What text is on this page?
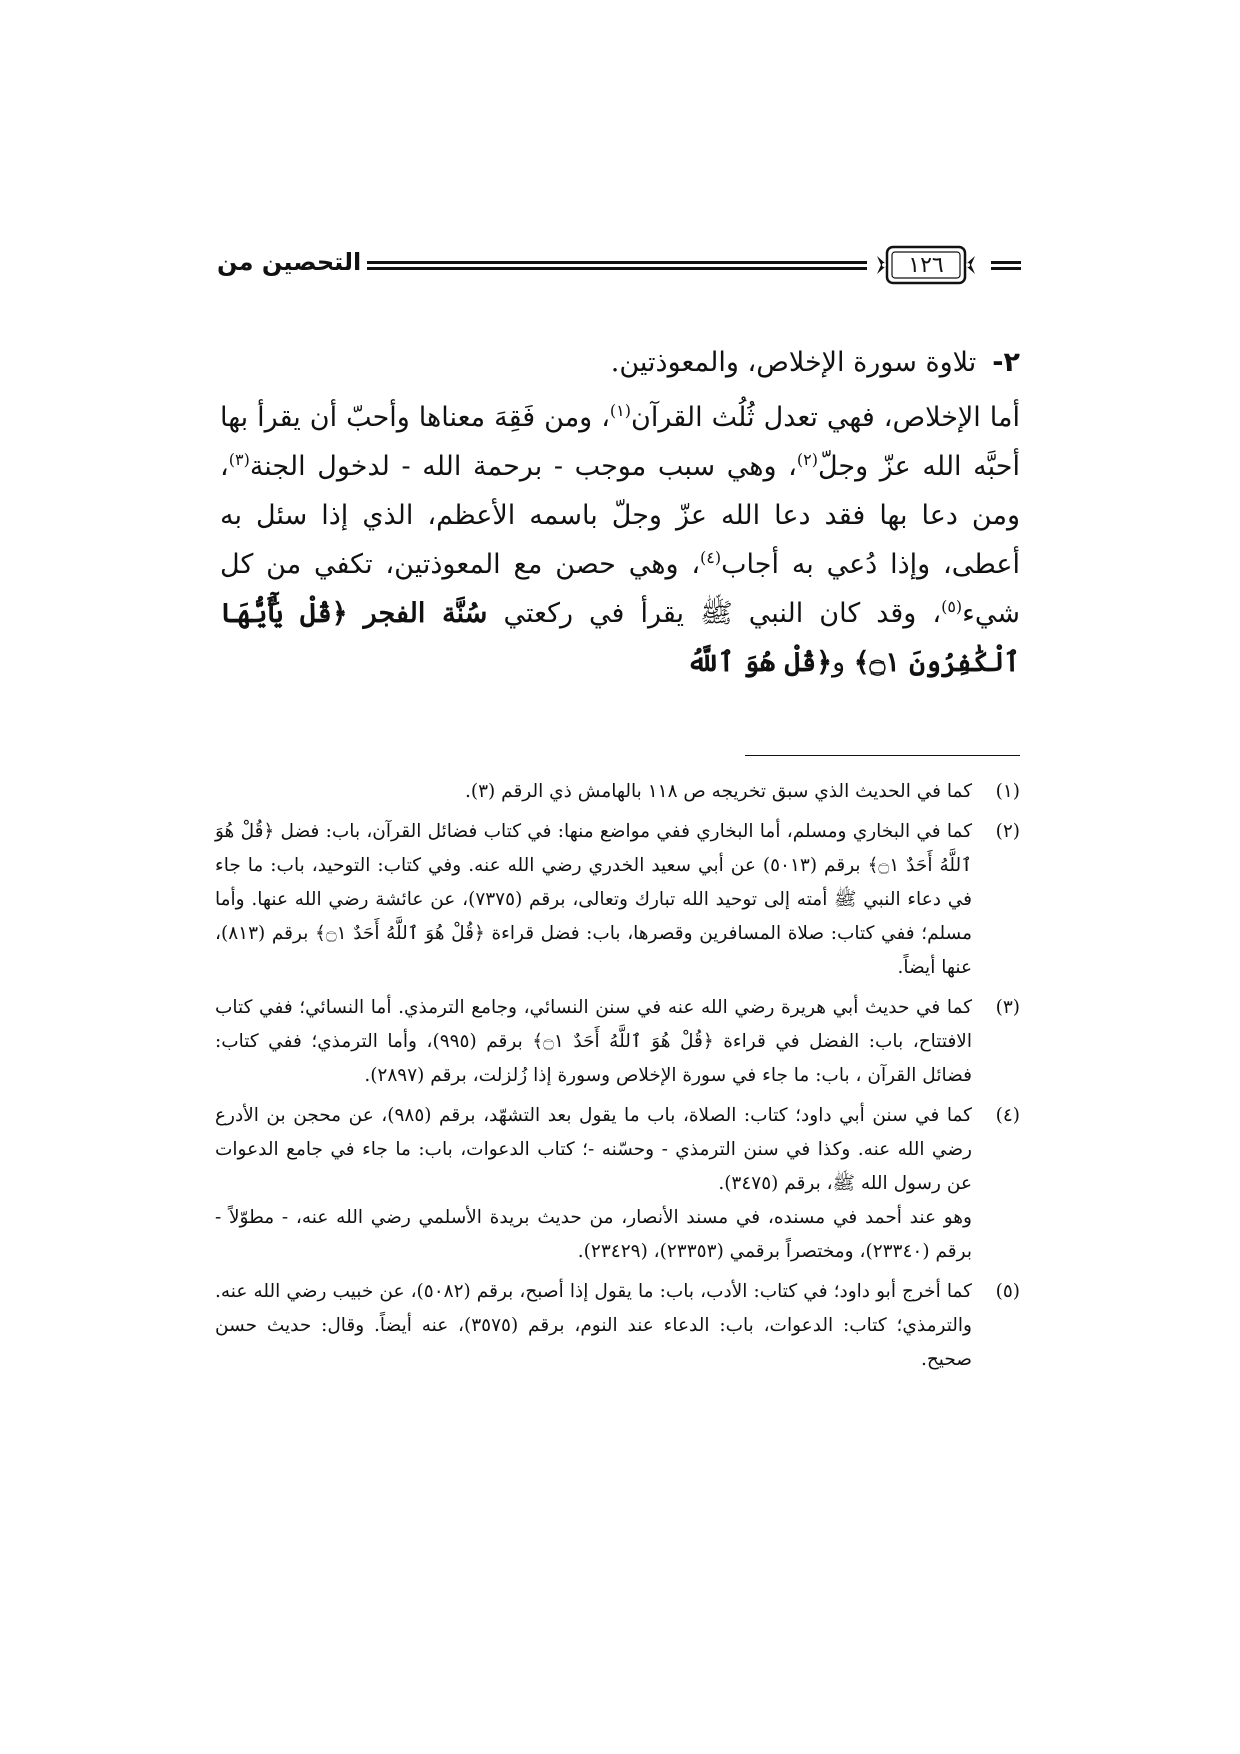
التحصين من	١٢٦
٢-
تلاوة سورة الإخلاص، والمعوذتين.

أما الإخلاص، فهي تعدل ثُلُث القرآن$^{(١)}$، ومن فَقِهَ معناها وأحبّ أن يقرأ بها أحبَّه الله عزّ وجلّ$^{(٢)}$، وهي سبب موجب - برحمة الله - لدخول الجنة$^{(٣)}$، ومن دعا بها فقد دعا الله عزّ وجلّ باسمه الأعظم، الذي إذا سئل به أعطى، وإذا دُعي به أجاب$^{(٤)}$، وهي حصن مع المعوذتين، تكفي من كل شيء$^{(٥)}$، وقد كان النبي ﷺ يقرأ في ركعتي سُنَّة الفجر ﴿قُلْ يَٰٓأَيُّهَا ٱلْكَٰفِرُونَ ۝١﴾ و﴿قُلْ هُوَ ٱللَّهُ

(١)

كما في الحديث الذي سبق تخريجه ص ١١٨ بالهامش ذي الرقم (٣).

(٢)

كما في البخاري ومسلم، أما البخاري ففي مواضع منها: في كتاب فضائل القرآن، باب: فضل ﴿قُلْ هُوَ ٱللَّهُ أَحَدٌ ۝١﴾ برقم (٥٠١٣) عن أبي سعيد الخدري رضي الله عنه. وفي كتاب: التوحيد، باب: ما جاء في دعاء النبي ﷺ أمته إلى توحيد الله تبارك وتعالى، برقم (٧٣٧٥)، عن عائشة رضي الله عنها. وأما مسلم؛ ففي كتاب: صلاة المسافرين وقصرها، باب: فضل قراءة ﴿قُلْ هُوَ ٱللَّهُ أَحَدٌ ۝١﴾ برقم (٨١٣)، عنها أيضاً.

(٣)

كما في حديث أبي هريرة رضي الله عنه في سنن النسائي، وجامع الترمذي. أما النسائي؛ ففي كتاب الافتتاح، باب: الفضل في قراءة ﴿قُلْ هُوَ ٱللَّهُ أَحَدٌ ۝١﴾ برقم (٩٩٥)، وأما الترمذي؛ ففي كتاب: فضائل القرآن ، باب: ما جاء في سورة الإخلاص وسورة إذا زُلزلت، برقم (٢٨٩٧).

(٤)

كما في سنن أبي داود؛ كتاب: الصلاة، باب ما يقول بعد التشهّد، برقم (٩٨٥)، عن محجن بن الأدرع رضي الله عنه. وكذا في سنن الترمذي - وحسّنه -؛ كتاب الدعوات، باب: ما جاء في جامع الدعوات عن رسول الله ﷺ، برقم (٣٤٧٥).

وهو عند أحمد في مسنده، في مسند الأنصار، من حديث بريدة الأسلمي رضي الله عنه، - مطوّلاً - برقم (٢٣٣٤٠)، ومختصراً برقمي (٢٣٣٥٣)، (٢٣٤٢٩).

(٥)

كما أخرج أبو داود؛ في كتاب: الأدب، باب: ما يقول إذا أصبح، برقم (٥٠٨٢)، عن خبيب رضي الله عنه. والترمذي؛ كتاب: الدعوات، باب: الدعاء عند النوم، برقم (٣٥٧٥)، عنه أيضاً. وقال: حديث حسن صحيح.
